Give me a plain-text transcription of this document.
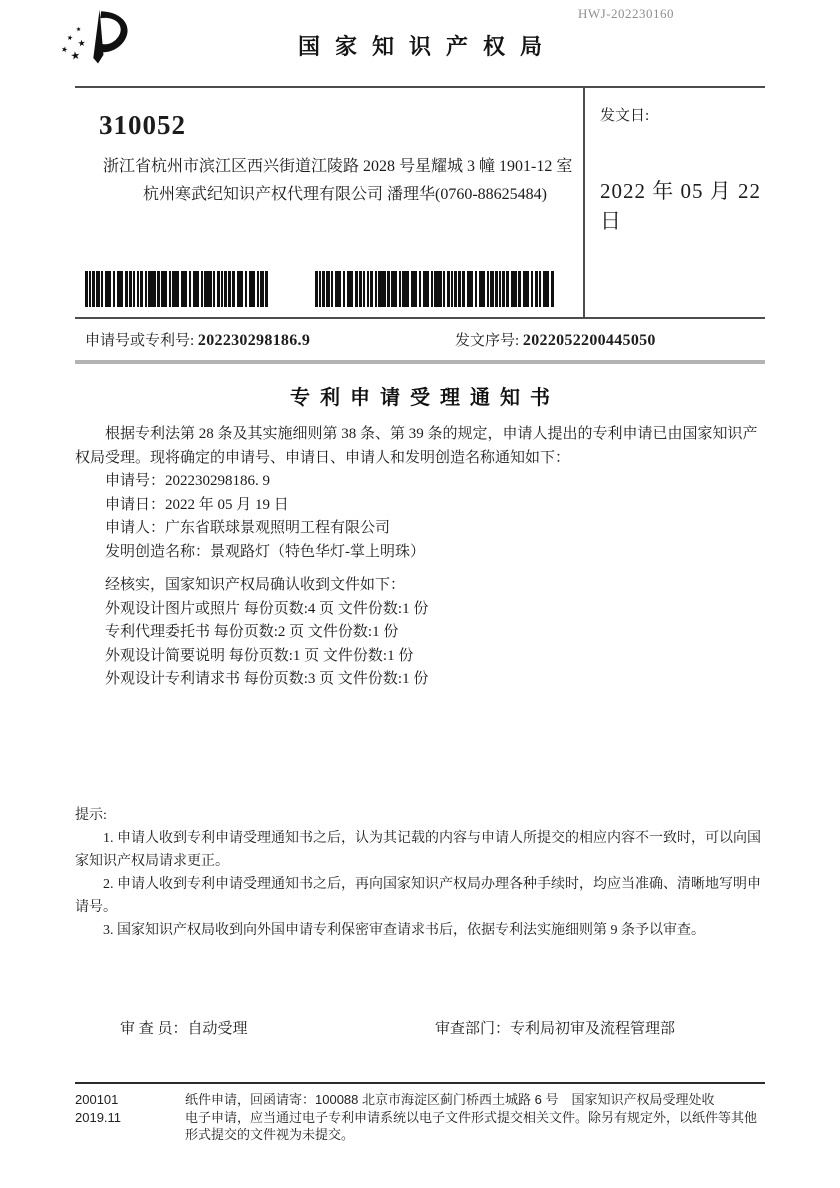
HWJ-202230160
国家知识产权局
310052
浙江省杭州市滨江区西兴街道江陵路 2028 号星耀城 3 幢 1901-12 室
杭州寒武纪知识产权代理有限公司 潘理华(0760-88625484)
发文日:
2022 年 05 月 22 日
申请号或专利号: 202230298186.9	发文序号: 2022052200445050
专利申请受理通知书

根据专利法第 28 条及其实施细则第 38 条、第 39 条的规定，申请人提出的专利申请已由国家知识产权局受理。现将确定的申请号、申请日、申请人和发明创造名称通知如下：

申请号：202230298186. 9
申请日：2022 年 05 月 19 日
申请人：广东省联球景观照明工程有限公司
发明创造名称：景观路灯（特色华灯-掌上明珠）
经核实，国家知识产权局确认收到文件如下：
外观设计图片或照片 每份页数:4 页 文件份数:1 份
专利代理委托书 每份页数:2 页 文件份数:1 份
外观设计简要说明 每份页数:1 页 文件份数:1 份
外观设计专利请求书 每份页数:3 页 文件份数:1 份
提示:

1. 申请人收到专利申请受理通知书之后，认为其记载的内容与申请人所提交的相应内容不一致时，可以向国家知识产权局请求更正。

2. 申请人收到专利申请受理通知书之后，再向国家知识产权局办理各种手续时，均应当准确、清晰地写明申请号。

3. 国家知识产权局收到向外国申请专利保密审查请求书后，依据专利法实施细则第 9 条予以审查。

审 查 员：自动受理	审查部门：专利局初审及流程管理部
200101	纸件申请，回函请寄：100088 北京市海淀区蓟门桥西土城路 6 号　国家知识产权局受理处收
2019.11	电子申请，应当通过电子专利申请系统以电子文件形式提交相关文件。除另有规定外，以纸件等其他形式提交的文件视为未提交。
